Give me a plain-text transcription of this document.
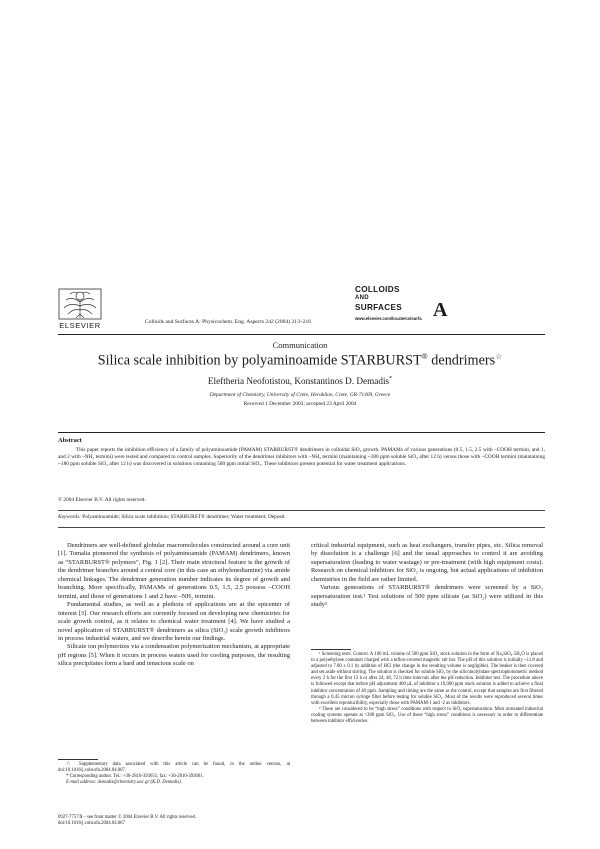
ELSEVIER	Colloids and Surfaces A: Physicochem. Eng. Aspects 242 (2004) 213–216
COLLOIDS
AND
SURFACES A
www.elsevier.com/locate/colsurfa
Communication
Silica scale inhibition by polyaminoamide STARBURST® dendrimers☆
Eleftheria Neofotistou, Konstantinos D. Demadis*
Department of Chemistry, University of Crete, Heraklion, Crete, GR-71409, Greece
Received 1 December 2003; accepted 23 April 2004
Abstract
This paper reports the inhibition efficiency of a family of polyaminoamide (PAMAM) STARBURST® dendrimers in colloidal SiO₂ growth. PAMAMs of various generations (0.5, 1.5, 2.5 with –COOH termini, and 1, and 2 with –NH₂ termini) were tested and compared to control samples. Superiority of the dendrimer inhibitors with –NH₂ termini (maintaining ~380 ppm soluble SiO₂ after 12 h) versus those with –COOH termini (maintaining ~180 ppm soluble SiO₂ after 12 h) was discovered in solutions containing 500 ppm initial SiO₂. These inhibitors present potential for water treatment applications.
© 2004 Elsevier B.V. All rights reserved.
Keywords: Polyaminoamide; Silica scale inhibition; STARBURST® dendrimer; Water treatment; Deposit

Dendrimers are well-defined globular macromolecules constructed around a core unit [1]. Tomalia pioneered the synthesis of polyaminoamide (PAMAM) dendrimers, known as “STARBURST® polymers”, Fig. 1 [2]. Their main structural feature is the growth of the dendrimer branches around a central core (in this case an ethylenediamine) via amide chemical linkages. The dendrimer generation number indicates its degree of growth and branching. More specifically, PAMAMs of generations 0.5, 1.5, 2.5 possess –COOH termini, and those of generations 1 and 2 have –NH₂ termini.

Fundamental studies, as well as a plethora of applications are at the epicenter of interest [3]. Our research efforts are currently focused on developing new chemistries for scale growth control, as it relates to chemical water treatment [4]. We have studied a novel application of STARBURST® dendrimers as silica (SiO₂) scale growth inhibitors in process industrial waters, and we describe herein our findings.

Silicate ion polymerizes via a condensation polymerization mechanism, at appropriate pH regions [5]. When it occurs in process waters used for cooling purposes, the resulting silica precipitates form a hard and tenacious scale on

☆ Supplementary data associated with this article can be found, in the online version, at doi:10.1016/j.colsurfa.2004.04.067.

* Corresponding author. Tel.: +30-2810-393651; fax: +30-2810-393601.

E-mail address: demadis@chemistry.uoc.gr (K.D. Demadis).

critical industrial equipment, such as heat exchangers, transfer pipes, etc. Silica removal by dissolution is a challenge [6] and the usual approaches to control it are avoiding supersaturation (leading to water wastage) or pre-treatment (with high equipment costs). Research on chemical inhibitors for SiO₂ is ongoing, but actual applications of inhibition chemistries in the field are rather limited.

Various generations of STARBURST® dendrimers were screened by a SiO₂ supersaturation test.¹ Test solutions of 500 ppm silicate (as SiO₂) were utilized in this study²

¹ Screening tests: Control. A 100 mL volume of 500 ppm SiO₂ stock solution in the form of Na₂SiO₃·5H₂O is placed in a polyethylene container charged with a teflon-covered magnetic stir bar. The pH of this solution is initially ~11.8 and adjusted to 7.00 ± 0.1 by addition of HCl (the change in the resulting volume is negligible). The beaker is then covered and set aside without stirring. The solution is checked for soluble SiO₂ by the silicomolybdate spectrophotometric method every 2 h for the first 12 h or after 24, 48, 72 h time intervals after the pH reduction. Inhibitor test. The procedure above is followed except that before pH adjustment 400 µL of inhibitor a 10,000 ppm stock solution is added to achieve a final inhibitor concentration of 40 ppm. Sampling and timing are the same as the control, except that samples are first filtered through a 0.45 micron syringe filter before testing for soluble SiO₂. Most of the results were reproduced several times with excellent reproducibility, especially those with PAMAM-1 and -2 as inhibitors.

² These are considered to be “high stress” conditions with respect to SiO₂ supersaturation. Most untreated industrial cooling systems operate at <200 ppm SiO₂. Use of these “high stress” conditions is necessary in order to differentiate between inhibitor efficiencies.

0927-7757/$ – see front matter © 2004 Elsevier B.V. All rights reserved.
doi:10.1016/j.colsurfa.2004.04.067
